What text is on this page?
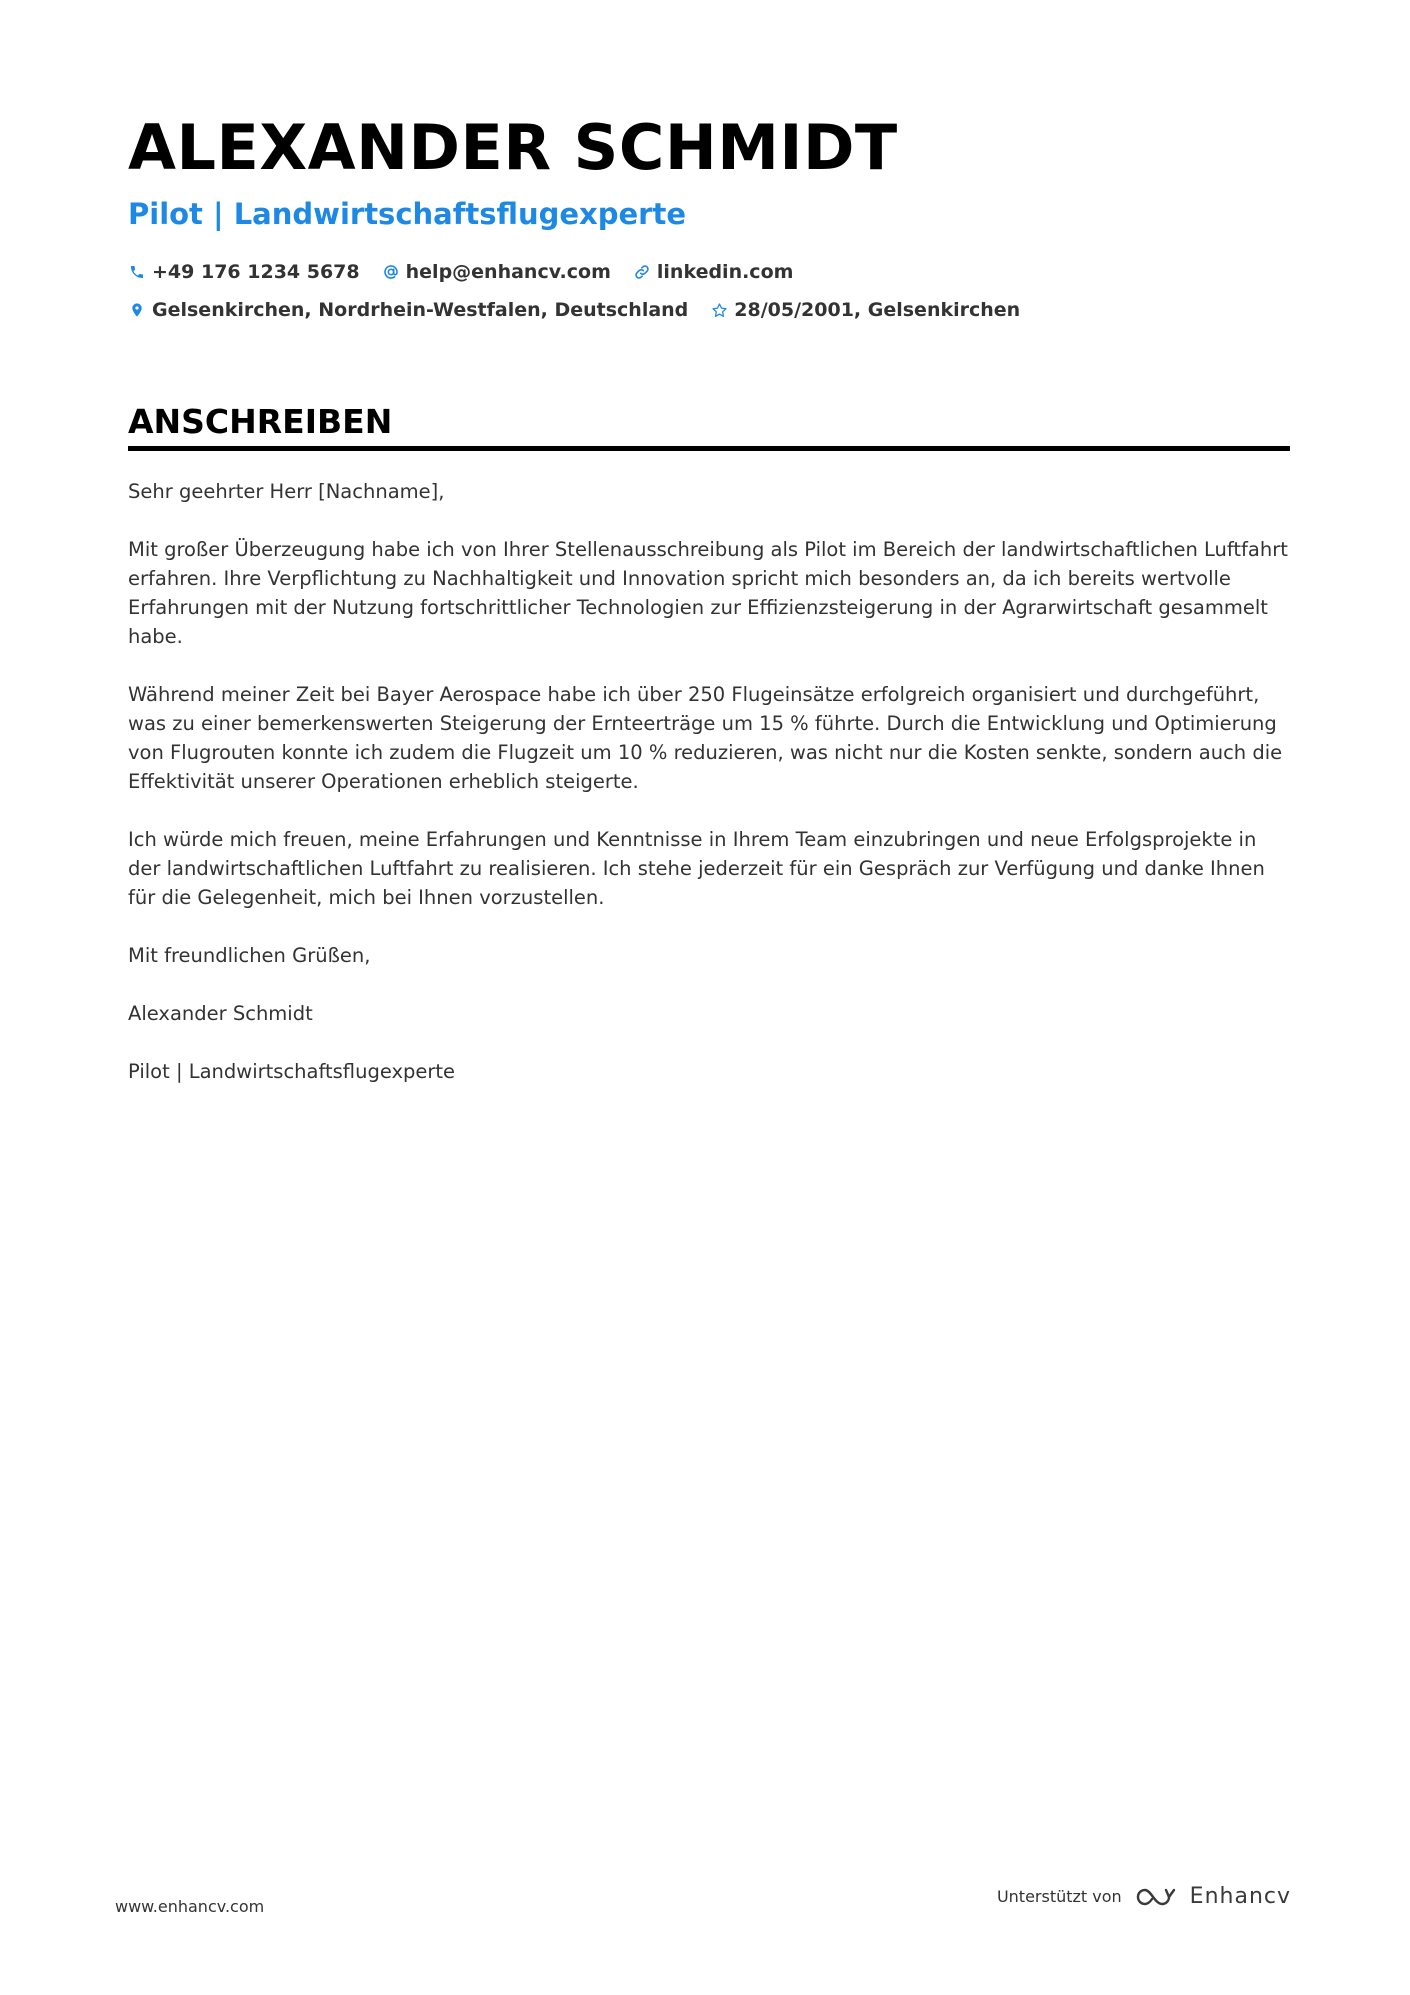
ALEXANDER SCHMIDT
Pilot | Landwirtschaftsflugexperte
+49 176 1234 5678 help@enhancv.com linkedin.com
Gelsenkirchen, Nordrhein-Westfalen, Deutschland 28/05/2001, Gelsenkirchen
ANSCHREIBEN

Sehr geehrter Herr [Nachname],

Mit großer Überzeugung habe ich von Ihrer Stellenausschreibung als Pilot im Bereich der landwirtschaftlichen Luftfahrt erfahren. Ihre Verpflichtung zu Nachhaltigkeit und Innovation spricht mich besonders an, da ich bereits wertvolle Erfahrungen mit der Nutzung fortschrittlicher Technologien zur Effizienzsteigerung in der Agrarwirtschaft gesammelt habe.

Während meiner Zeit bei Bayer Aerospace habe ich über 250 Flugeinsätze erfolgreich organisiert und durchgeführt, was zu einer bemerkenswerten Steigerung der Ernteerträge um 15 % führte. Durch die Entwicklung und Optimierung von Flugrouten konnte ich zudem die Flugzeit um 10 % reduzieren, was nicht nur die Kosten senkte, sondern auch die Effektivität unserer Operationen erheblich steigerte.

Ich würde mich freuen, meine Erfahrungen und Kenntnisse in Ihrem Team einzubringen und neue Erfolgsprojekte in der landwirtschaftlichen Luftfahrt zu realisieren. Ich stehe jederzeit für ein Gespräch zur Verfügung und danke Ihnen für die Gelegenheit, mich bei Ihnen vorzustellen.

Mit freundlichen Grüßen,

Alexander Schmidt

Pilot | Landwirtschaftsflugexperte

www.enhancv.com
Unterstützt von	Enhancv
